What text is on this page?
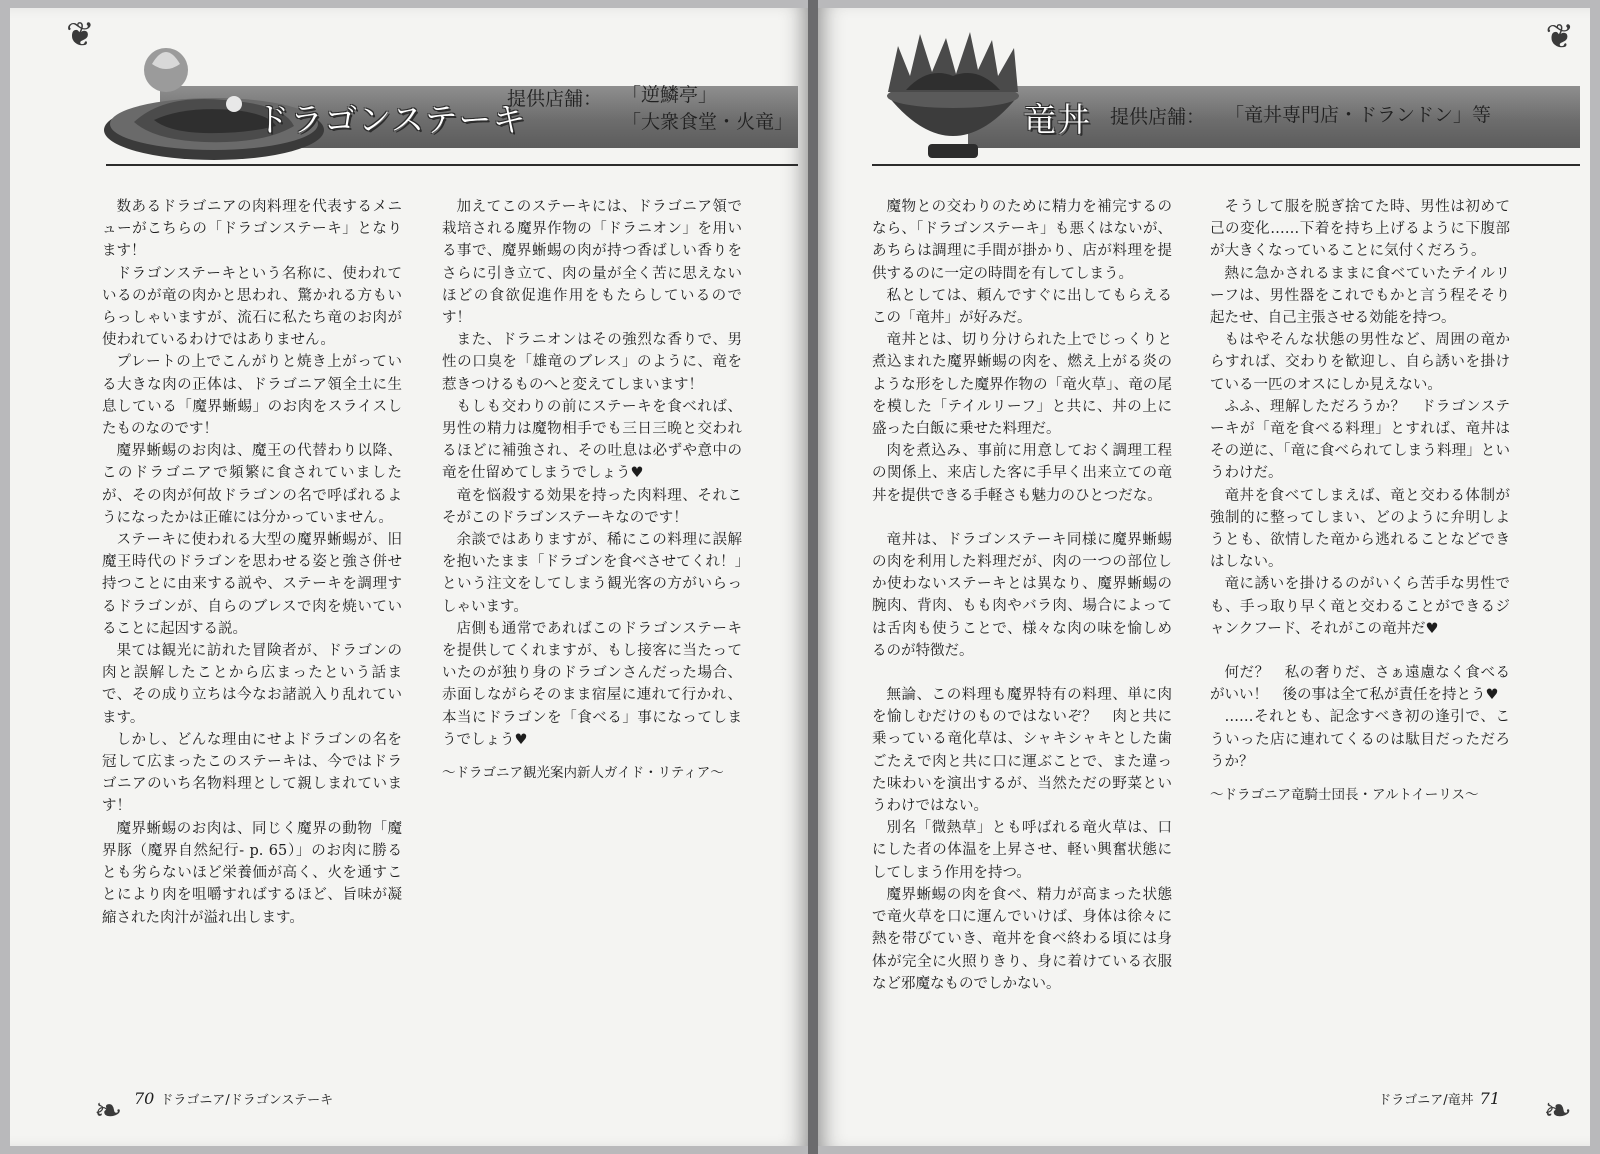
❦
❧
ドラゴンステーキ
提供店舗： 「逆鱗亭」
「大衆食堂・火竜」

数あるドラゴニアの肉料理を代表するメニューがこちらの「ドラゴンステーキ」となります！

ドラゴンステーキという名称に、使われているのが竜の肉かと思われ、驚かれる方もいらっしゃいますが、流石に私たち竜のお肉が使われているわけではありません。

プレートの上でこんがりと焼き上がっている大きな肉の正体は、ドラゴニア領全土に生息している「魔界蜥蜴」のお肉をスライスしたものなのです！

魔界蜥蜴のお肉は、魔王の代替わり以降、このドラゴニアで頻繁に食されていましたが、その肉が何故ドラゴンの名で呼ばれるようになったかは正確には分かっていません。

ステーキに使われる大型の魔界蜥蜴が、旧魔王時代のドラゴンを思わせる姿と強さ併せ持つことに由来する説や、ステーキを調理するドラゴンが、自らのブレスで肉を焼いていることに起因する説。

果ては観光に訪れた冒険者が、ドラゴンの肉と誤解したことから広まったという話まで、その成り立ちは今なお諸説入り乱れています。

しかし、どんな理由にせよドラゴンの名を冠して広まったこのステーキは、今ではドラゴニアのいち名物料理として親しまれています！

魔界蜥蜴のお肉は、同じく魔界の動物「魔界豚（魔界自然紀行- p. 65）」のお肉に勝るとも劣らないほど栄養価が高く、火を通すことにより肉を咀嚼すればするほど、旨味が凝縮された肉汁が溢れ出します。

加えてこのステーキには、ドラゴニア領で栽培される魔界作物の「ドラニオン」を用いる事で、魔界蜥蜴の肉が持つ香ばしい香りをさらに引き立て、肉の量が全く苦に思えないほどの食欲促進作用をもたらしているのです！

また、ドラニオンはその強烈な香りで、男性の口臭を「雄竜のブレス」のように、竜を惹きつけるものへと変えてしまいます！

もしも交わりの前にステーキを食べれば、男性の精力は魔物相手でも三日三晩と交われるほどに補強され、その吐息は必ずや意中の竜を仕留めてしまうでしょう♥

竜を悩殺する効果を持った肉料理、それこそがこのドラゴンステーキなのです！

余談ではありますが、稀にこの料理に誤解を抱いたまま「ドラゴンを食べさせてくれ！」という注文をしてしまう観光客の方がいらっしゃいます。

店側も通常であればこのドラゴンステーキを提供してくれますが、もし接客に当たっていたのが独り身のドラゴンさんだった場合、赤面しながらそのまま宿屋に連れて行かれ、本当にドラゴンを「食べる」事になってしまうでしょう♥

～ドラゴニア観光案内新人ガイド・リティア～

70 ドラゴニア/ドラゴンステーキ
❦
❧
竜丼 提供店舗： 「竜丼専門店・ドランドン」等

魔物との交わりのために精力を補完するのなら、「ドラゴンステーキ」も悪くはないが、あちらは調理に手間が掛かり、店が料理を提供するのに一定の時間を有してしまう。

私としては、頼んですぐに出してもらえるこの「竜丼」が好みだ。

竜丼とは、切り分けられた上でじっくりと煮込まれた魔界蜥蜴の肉を、燃え上がる炎のような形をした魔界作物の「竜火草」、竜の尾を模した「テイルリーフ」と共に、丼の上に盛った白飯に乗せた料理だ。

肉を煮込み、事前に用意しておく調理工程の関係上、来店した客に手早く出来立ての竜丼を提供できる手軽さも魅力のひとつだな。

竜丼は、ドラゴンステーキ同様に魔界蜥蜴の肉を利用した料理だが、肉の一つの部位しか使わないステーキとは異なり、魔界蜥蜴の腕肉、背肉、もも肉やバラ肉、場合によっては舌肉も使うことで、様々な肉の味を愉しめるのが特徴だ。

無論、この料理も魔界特有の料理、単に肉を愉しむだけのものではないぞ？　肉と共に乗っている竜化草は、シャキシャキとした歯ごたえで肉と共に口に運ぶことで、また違った味わいを演出するが、当然ただの野菜というわけではない。

別名「微熱草」とも呼ばれる竜火草は、口にした者の体温を上昇させ、軽い興奮状態にしてしまう作用を持つ。

魔界蜥蜴の肉を食べ、精力が高まった状態で竜火草を口に運んでいけば、身体は徐々に熱を帯びていき、竜丼を食べ終わる頃には身体が完全に火照りきり、身に着けている衣服など邪魔なものでしかない。

そうして服を脱ぎ捨てた時、男性は初めて己の変化……下着を持ち上げるように下腹部が大きくなっていることに気付くだろう。

熱に急かされるままに食べていたテイルリーフは、男性器をこれでもかと言う程そそり起たせ、自己主張させる効能を持つ。

もはやそんな状態の男性など、周囲の竜からすれば、交わりを歓迎し、自ら誘いを掛けている一匹のオスにしか見えない。

ふふ、理解しただろうか？　ドラゴンステーキが「竜を食べる料理」とすれば、竜丼はその逆に、「竜に食べられてしまう料理」というわけだ。

竜丼を食べてしまえば、竜と交わる体制が強制的に整ってしまい、どのように弁明しようとも、欲情した竜から逃れることなどできはしない。

竜に誘いを掛けるのがいくら苦手な男性でも、手っ取り早く竜と交わることができるジャンクフード、それがこの竜丼だ♥

何だ？　私の奢りだ、さぁ遠慮なく食べるがいい！　後の事は全て私が責任を持とう♥

……それとも、記念すべき初の逢引で、こういった店に連れてくるのは駄目だっただろうか？

～ドラゴニア竜騎士団長・アルトイーリス～

ドラゴニア/竜丼 71
